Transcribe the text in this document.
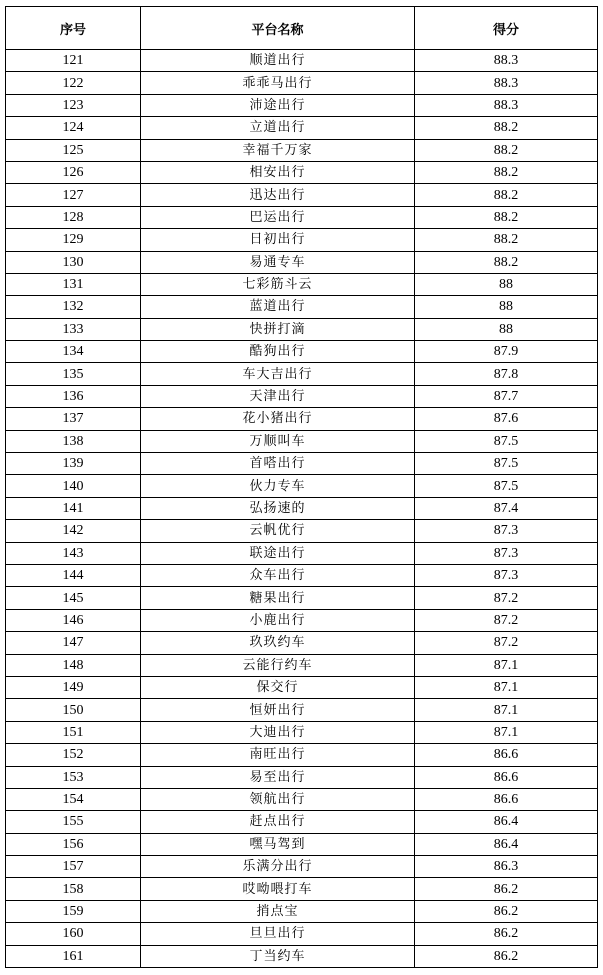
序号	平台名称	得分
121	顺道出行	88.3
122	乖乖马出行	88.3
123	沛途出行	88.3
124	立道出行	88.2
125	幸福千万家	88.2
126	相安出行	88.2
127	迅达出行	88.2
128	巴运出行	88.2
129	日初出行	88.2
130	易通专车	88.2
131	七彩筋斗云	88
132	蓝道出行	88
133	快拼打滴	88
134	酷狗出行	87.9
135	车大吉出行	87.8
136	天津出行	87.7
137	花小猪出行	87.6
138	万顺叫车	87.5
139	首嗒出行	87.5
140	伙力专车	87.5
141	弘扬速的	87.4
142	云帆优行	87.3
143	联途出行	87.3
144	众车出行	87.3
145	糖果出行	87.2
146	小鹿出行	87.2
147	玖玖约车	87.2
148	云能行约车	87.1
149	保交行	87.1
150	恒妍出行	87.1
151	大迪出行	87.1
152	南旺出行	86.6
153	易至出行	86.6
154	领航出行	86.6
155	赶点出行	86.4
156	嘿马驾到	86.4
157	乐满分出行	86.3
158	哎呦喂打车	86.2
159	捎点宝	86.2
160	旦旦出行	86.2
161	丁当约车	86.2
